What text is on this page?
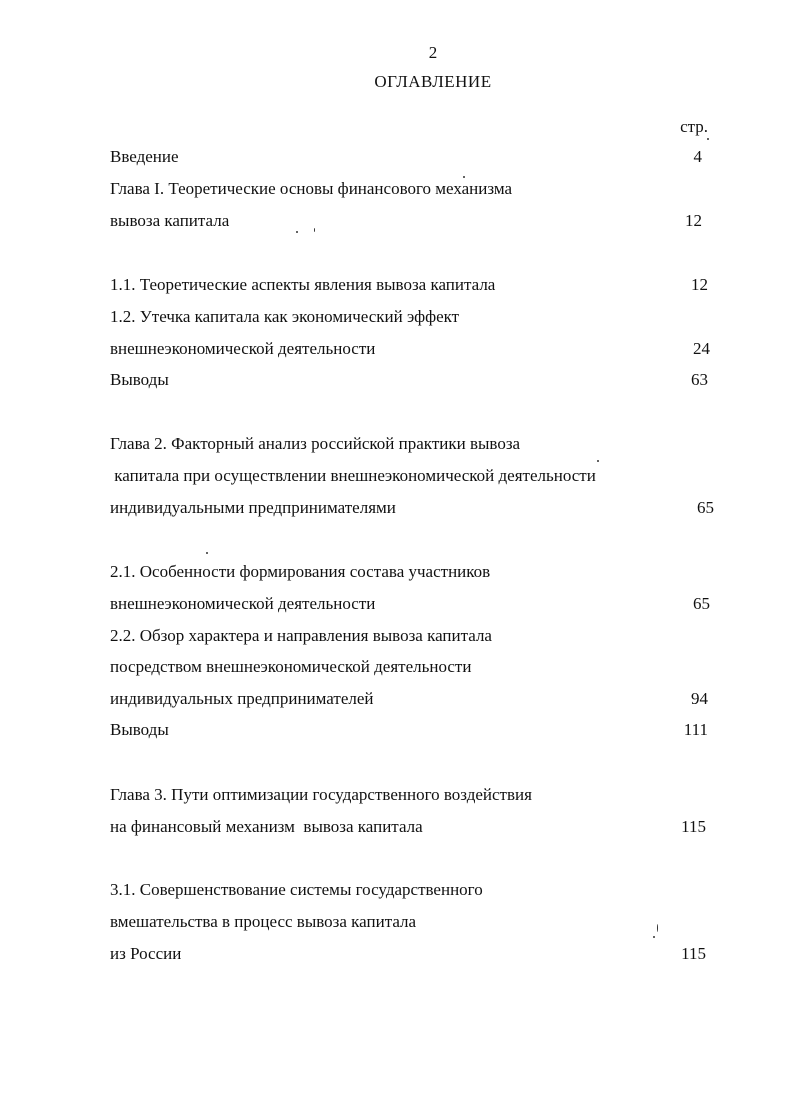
2
ОГЛАВЛЕНИЕ
стр.
Введение	4
Глава I. Теоретические основы финансового механизма
вывоза капитала	12
1.1. Теоретические аспекты явления вывоза капитала	12
1.2. Утечка капитала как экономический эффект
внешнеэкономической деятельности	24
Выводы	63
Глава 2. Факторный анализ российской практики вывоза
капитала при осуществлении внешнеэкономической деятельности
индивидуальными предпринимателями	65
2.1. Особенности формирования состава участников
внешнеэкономической деятельности	65
2.2. Обзор характера и направления вывоза капитала
посредством внешнеэкономической деятельности
индивидуальных предпринимателей	94
Выводы	111
Глава 3. Пути оптимизации государственного воздействия
на финансовый механизм  вывоза капитала	115
3.1. Совершенствование системы государственного
вмешательства в процесс вывоза капитала
из России	115
